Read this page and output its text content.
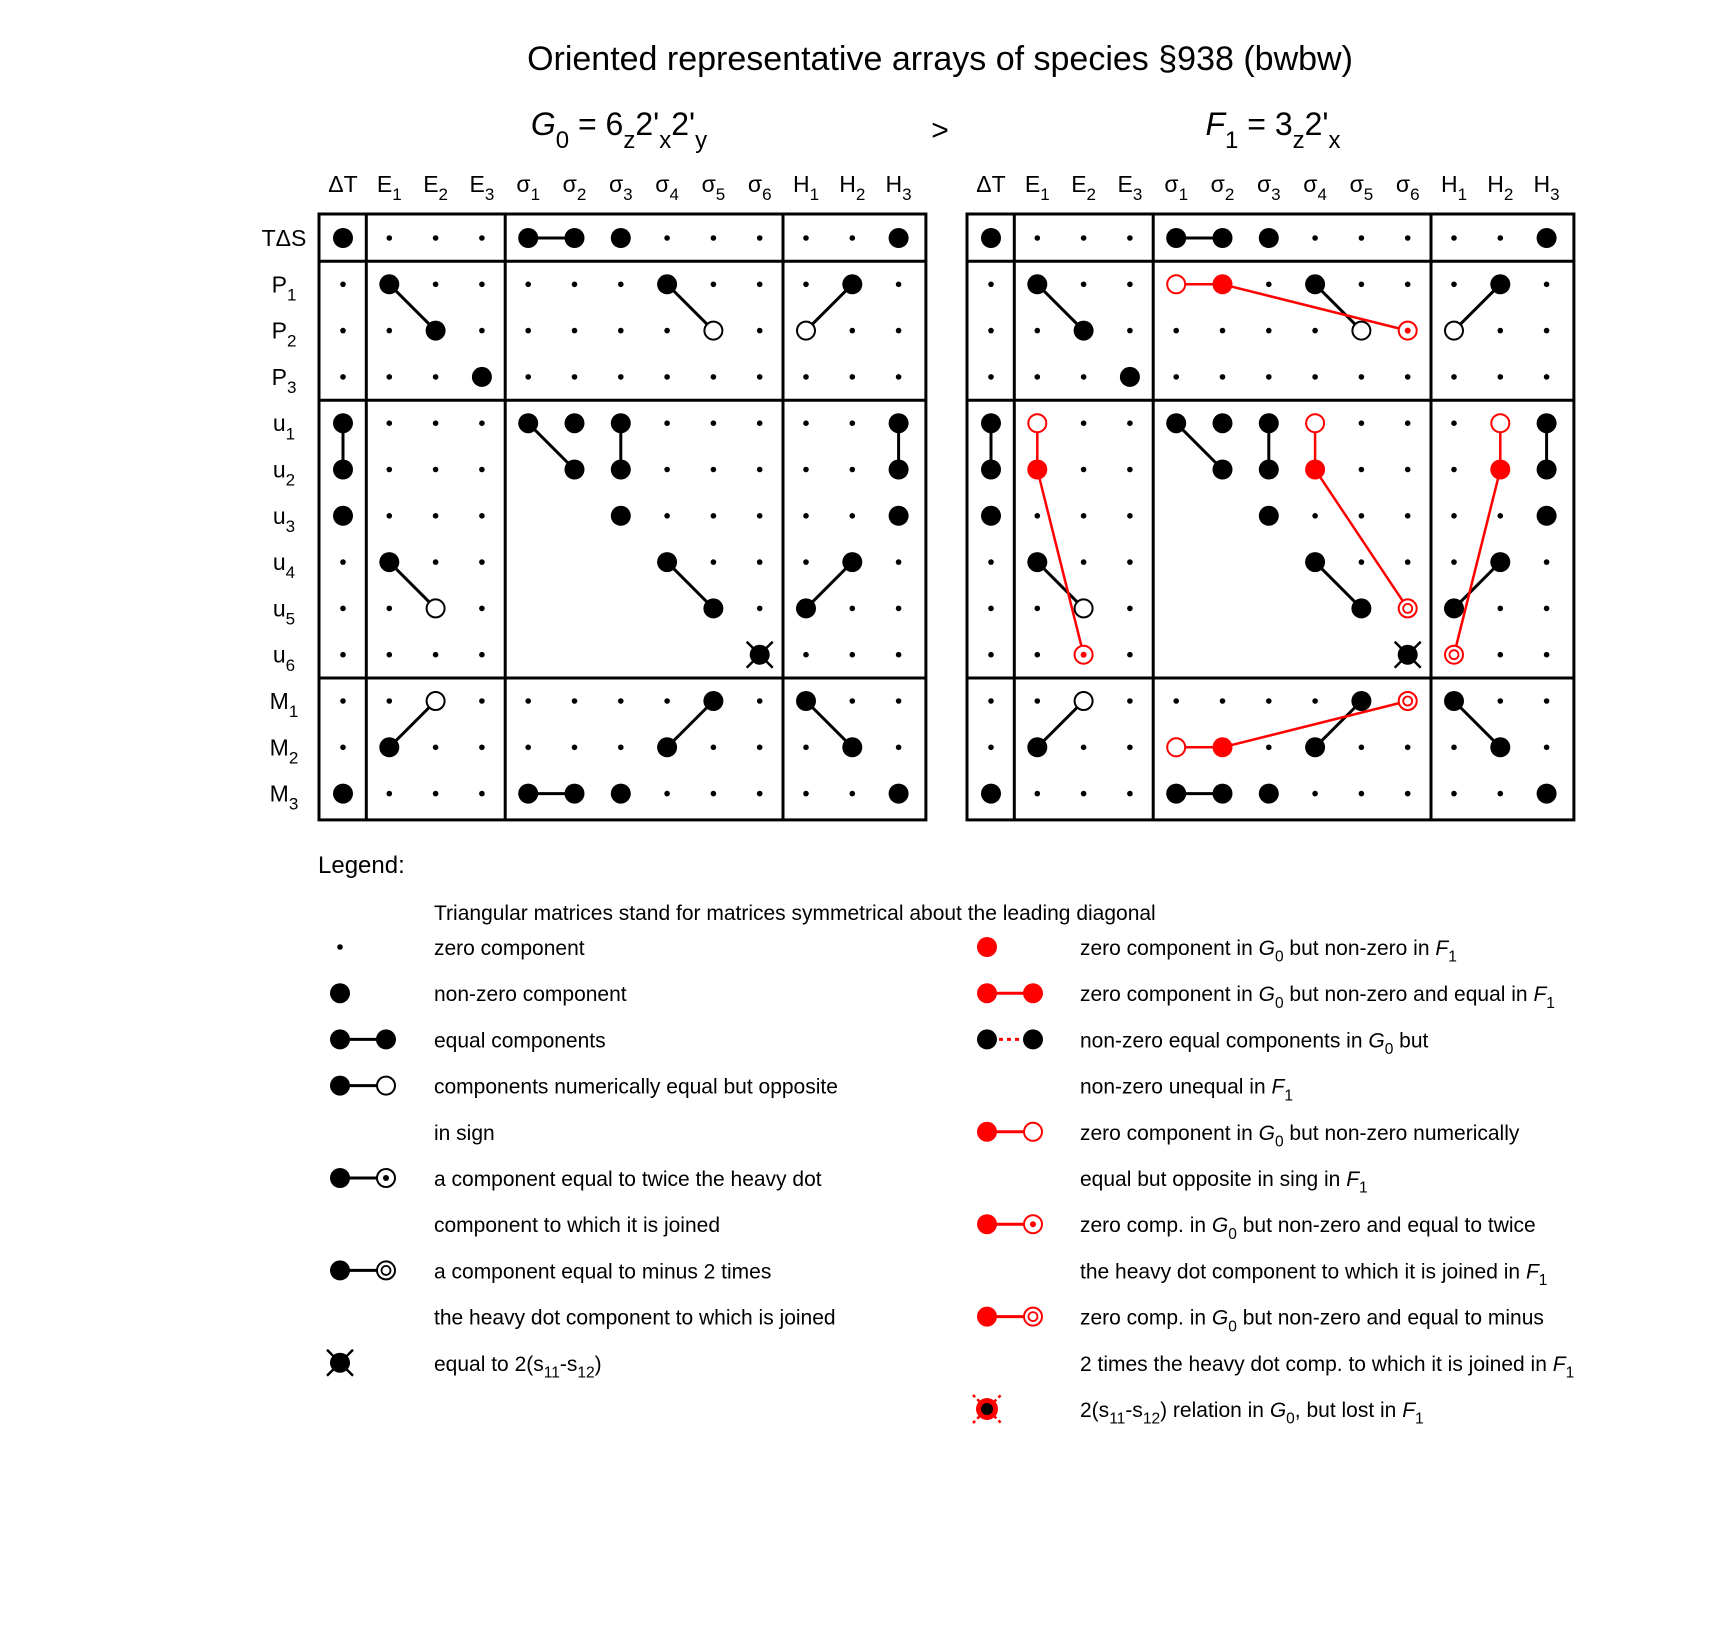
Oriented representative arrays of species §938 (bwbw)
>
$G_0 = 6_z2'_x2'_y$	$F_1 = 3_z2'_x$
TΔS
$P_1$
$P_2$
$P_3$
$u_1$
$u_2$
$u_3$
$u_4$
$u_5$
$u_6$
$M_1$
$M_2$
$M_3$
ΔT $E_1$ $E_2$ $E_3$ $\sigma_1$ $\sigma_2$ $\sigma_3$ $\sigma_4$ $\sigma_5$ $\sigma_6$ $H_1$ $H_2$ $H_3$	ΔT $E_1$ $E_2$ $E_3$ $\sigma_1$ $\sigma_2$ $\sigma_3$ $\sigma_4$ $\sigma_5$ $\sigma_6$ $H_1$ $H_2$ $H_3$
Legend:
Triangular matrices stand for matrices symmetrical about the leading diagonal
zero component
non-zero component
equal components
components numerically equal but opposite
in sign
a component equal to twice the heavy dot
component to which it is joined
a component equal to minus 2 times
the heavy dot component to which is joined
equal to $2(s_{11}-s_{12})$
zero component in $G_0$ but non-zero in $F_1$
zero component in $G_0$ but non-zero and equal in $F_1$
non-zero equal components in $G_0$ but
non-zero unequal in $F_1$
zero component in $G_0$ but non-zero numerically
equal but opposite in sing in $F_1$
zero comp. in $G_0$ but non-zero and equal to twice
the heavy dot component to which it is joined in $F_1$
zero comp. in $G_0$ but non-zero and equal to minus
2 times the heavy dot comp. to which it is joined in $F_1$
$2(s_{11}-s_{12})$ relation in $G_0$, but lost in $F_1$
